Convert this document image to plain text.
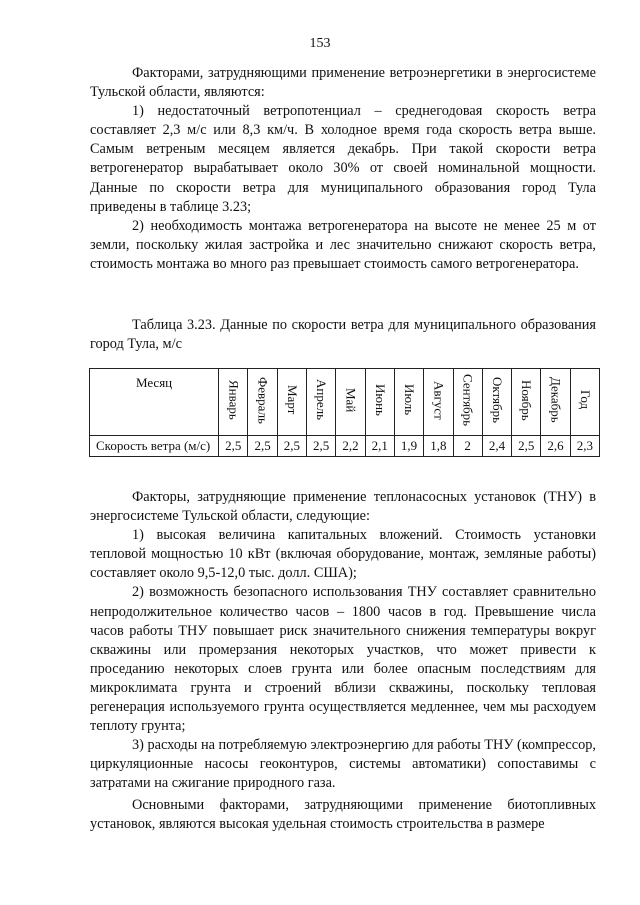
153

Факторами, затрудняющими применение ветроэнергетики в энергосистеме Тульской области, являются:

1) недостаточный ветропотенциал – среднегодовая скорость ветра составляет 2,3 м/с или 8,3 км/ч. В холодное время года скорость ветра выше. Самым ветреным месяцем является декабрь. При такой скорости ветра ветрогенератор вырабатывает около 30% от своей номинальной мощности. Данные по скорости ветра для муниципального образования город Тула приведены в таблице 3.23;

2) необходимость монтажа ветрогенератора на высоте не менее 25 м от земли, поскольку жилая застройка и лес значительно снижают скорость ветра, стоимость монтажа во много раз превышает стоимость самого ветрогенератора.

Таблица 3.23. Данные по скорости ветра для муниципального образования город Тула, м/с

Месяц	Январь	Февраль	Март	Апрель	Май	Июнь	Июль	Август	Сентябрь	Октябрь	Ноябрь	Декабрь	Год
Скорость ветра (м/с)	2,5	2,5	2,5	2,5	2,2	2,1	1,9	1,8	2	2,4	2,5	2,6	2,3

Факторы, затрудняющие применение теплонасосных установок (ТНУ) в энергосистеме Тульской области, следующие:

1) высокая величина капитальных вложений. Стоимость установки тепловой мощностью 10 кВт (включая оборудование, монтаж, земляные работы) составляет около 9,5-12,0 тыс. долл. США);

2) возможность безопасного использования ТНУ составляет сравнительно непродолжительное количество часов – 1800 часов в год. Превышение числа часов работы ТНУ повышает риск значительного снижения температуры вокруг скважины или промерзания некоторых участков, что может привести к проседанию некоторых слоев грунта или более опасным последствиям для микроклимата грунта и строений вблизи скважины, поскольку тепловая регенерация используемого грунта осуществляется медленнее, чем мы расходуем теплоту грунта;

3) расходы на потребляемую электроэнергию для работы ТНУ (компрессор, циркуляционные насосы геоконтуров, системы автоматики) сопоставимы с затратами на сжигание природного газа.

Основными факторами, затрудняющими применение биотопливных установок, являются высокая удельная стоимость строительства в размере
